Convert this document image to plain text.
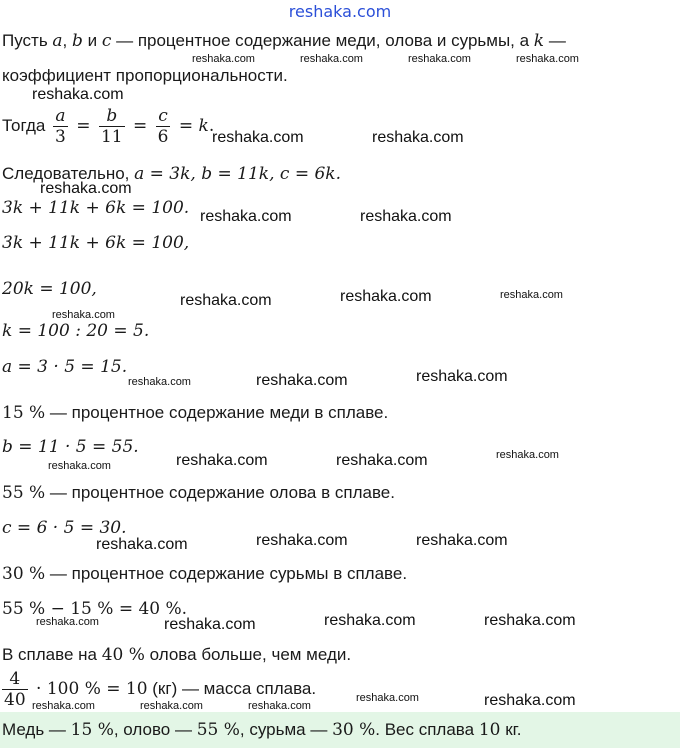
reshaka.com
Пусть a, b и c — процентное содержание меди, олова и сурьмы, а k —
коэффициент пропорциональности.
Тогда $\frac{a}{3} = \frac{b}{11} = \frac{c}{6} = k$.
Следовательно, a = 3k, b = 11k, c = 6k.
3k + 11k + 6k = 100.
3k + 11k + 6k = 100,
20k = 100,
k = 100 : 20 = 5.
a = 3 · 5 = 15.
15 % — процентное содержание меди в сплаве.
b = 11 · 5 = 55.
55 % — процентное содержание олова в сплаве.
c = 6 · 5 = 30.
30 % — процентное содержание сурьмы в сплаве.
55 % − 15 % = 40 %.
В сплаве на 40 % олова больше, чем меди.
$\frac{4}{40} \cdot 100$ % = 10 (кг) — масса сплава.
Медь — 15 %, олово — 55 %, сурьма — 30 %. Вес сплава 10 кг.
reshaka.com	reshaka.com	reshaka.com	reshaka.com
reshaka.com
reshaka.com	reshaka.com
reshaka.com
reshaka.com	reshaka.com
reshaka.com	reshaka.com	reshaka.com
reshaka.com
reshaka.com	reshaka.com	reshaka.com
reshaka.com	reshaka.com	reshaka.com	reshaka.com
reshaka.com	reshaka.com	reshaka.com
reshaka.com	reshaka.com	reshaka.com	reshaka.com
reshaka.com	reshaka.com	reshaka.com
reshaka.com	reshaka.com
